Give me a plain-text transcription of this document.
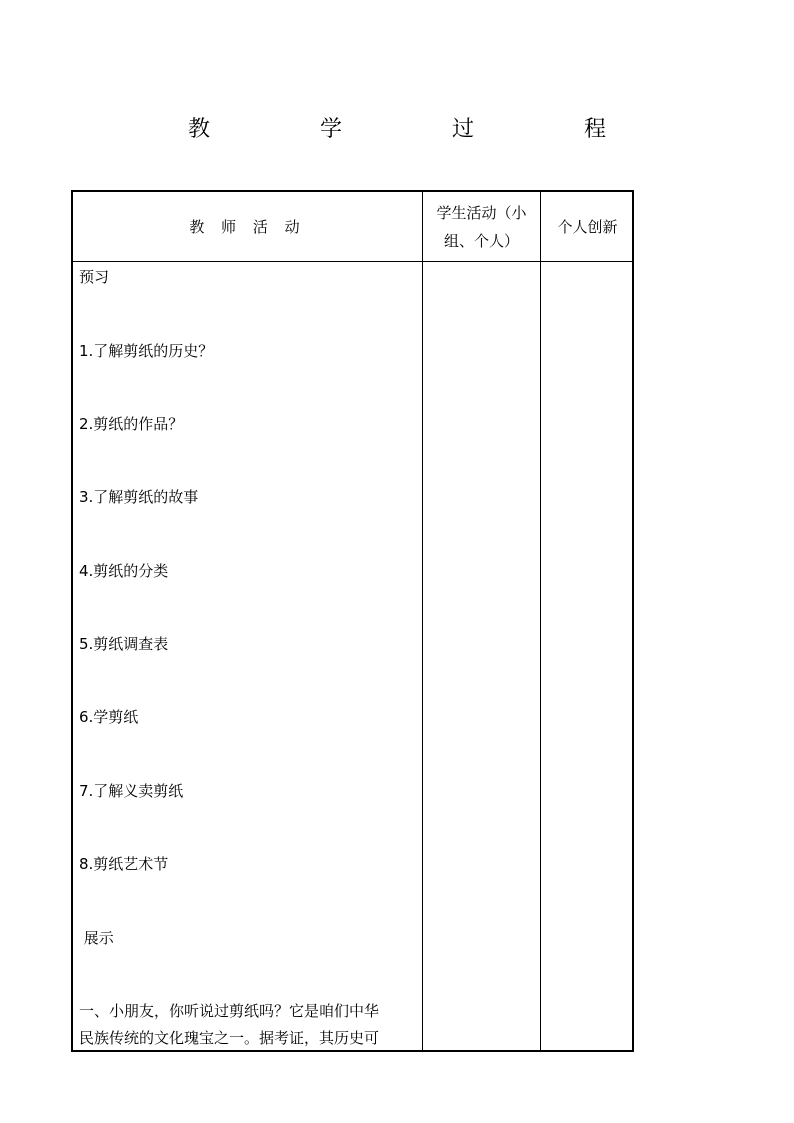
教　学　过　程
教 师 活 动
学生活动（小
组、个人）
个人创新
预习
1.了解剪纸的历史？
2.剪纸的作品？
3.了解剪纸的故事
4.剪纸的分类
5.剪纸调查表
6.学剪纸
7.了解义卖剪纸
8.剪纸艺术节
展示
一、小朋友，你听说过剪纸吗？它是咱们中华
民族传统的文化瑰宝之一。据考证，其历史可
